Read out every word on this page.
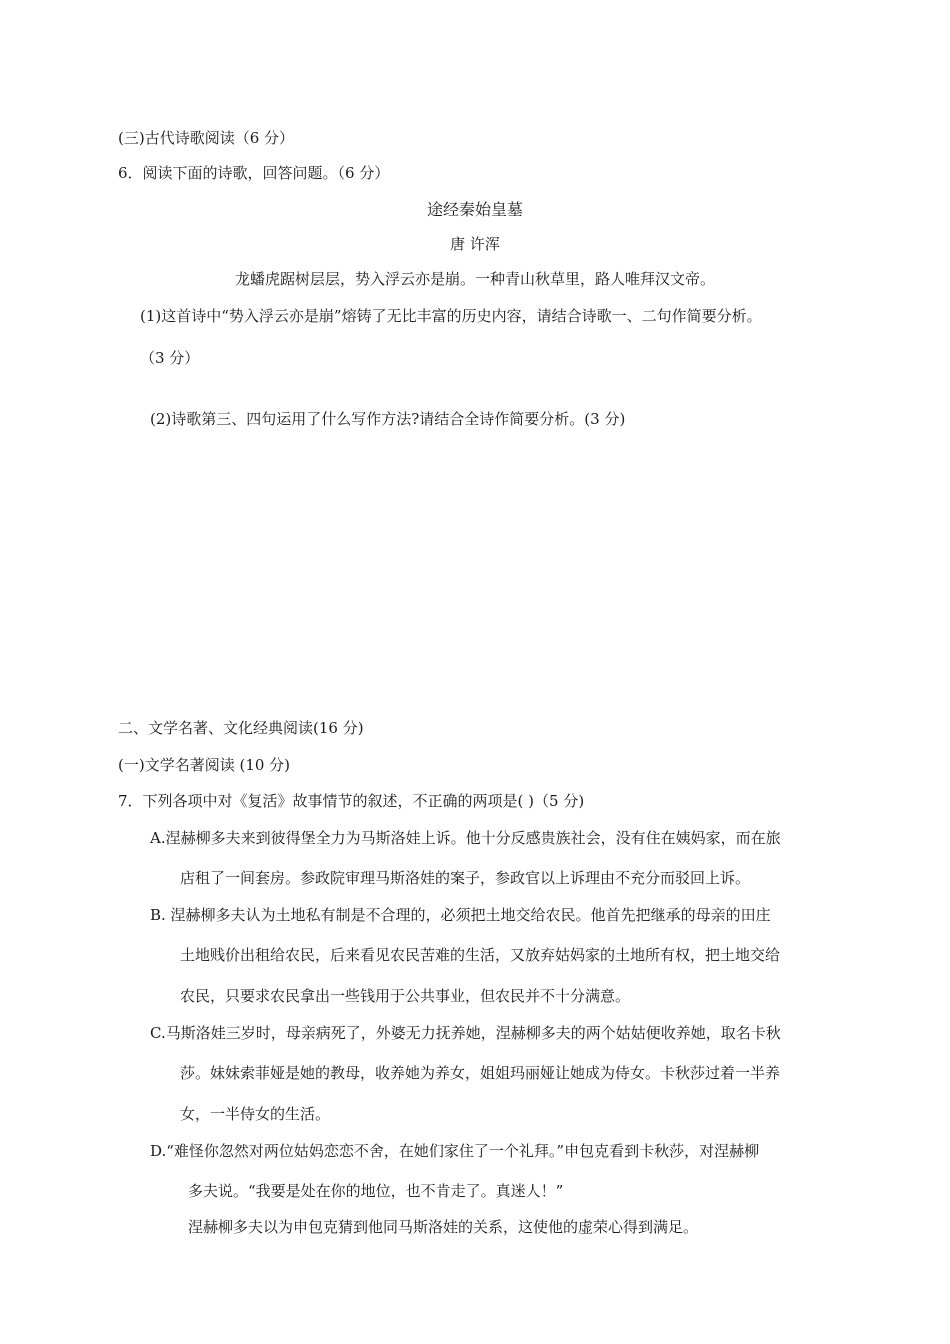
(三)古代诗歌阅读（6 分）
6．阅读下面的诗歌，回答问题。（6 分）
途经秦始皇墓
唐 许浑
龙蟠虎踞树层层，势入浮云亦是崩。一种青山秋草里，路人唯拜汉文帝。
(1)这首诗中“势入浮云亦是崩”熔铸了无比丰富的历史内容，请结合诗歌一、二句作简要分析。
（3 分）
(2)诗歌第三、四句运用了什么写作方法?请结合全诗作简要分析。(3 分)
二、文学名著、文化经典阅读(16 分)
(一)文学名著阅读 (10 分)
7．下列各项中对《复活》故事情节的叙述，不正确的两项是( )（5 分)
A.涅赫柳多夫来到彼得堡全力为马斯洛娃上诉。他十分反感贵族社会，没有住在姨妈家，而在旅
店租了一间套房。参政院审理马斯洛娃的案子，参政官以上诉理由不充分而驳回上诉。
B. 涅赫柳多夫认为土地私有制是不合理的，必须把土地交给农民。他首先把继承的母亲的田庄
土地贱价出租给农民，后来看见农民苦难的生活，又放弃姑妈家的土地所有权，把土地交给
农民，只要求农民拿出一些钱用于公共事业，但农民并不十分满意。
C.马斯洛娃三岁时，母亲病死了，外婆无力抚养她，涅赫柳多夫的两个姑姑便收养她，取名卡秋
莎。妹妹索菲娅是她的教母，收养她为养女，姐姐玛丽娅让她成为侍女。卡秋莎过着一半养
女，一半侍女的生活。
D.“难怪你忽然对两位姑妈恋恋不舍，在她们家住了一个礼拜。”申包克看到卡秋莎，对涅赫柳
多夫说。“我要是处在你的地位，也不肯走了。真迷人！”
涅赫柳多夫以为申包克猜到他同马斯洛娃的关系，这使他的虚荣心得到满足。
